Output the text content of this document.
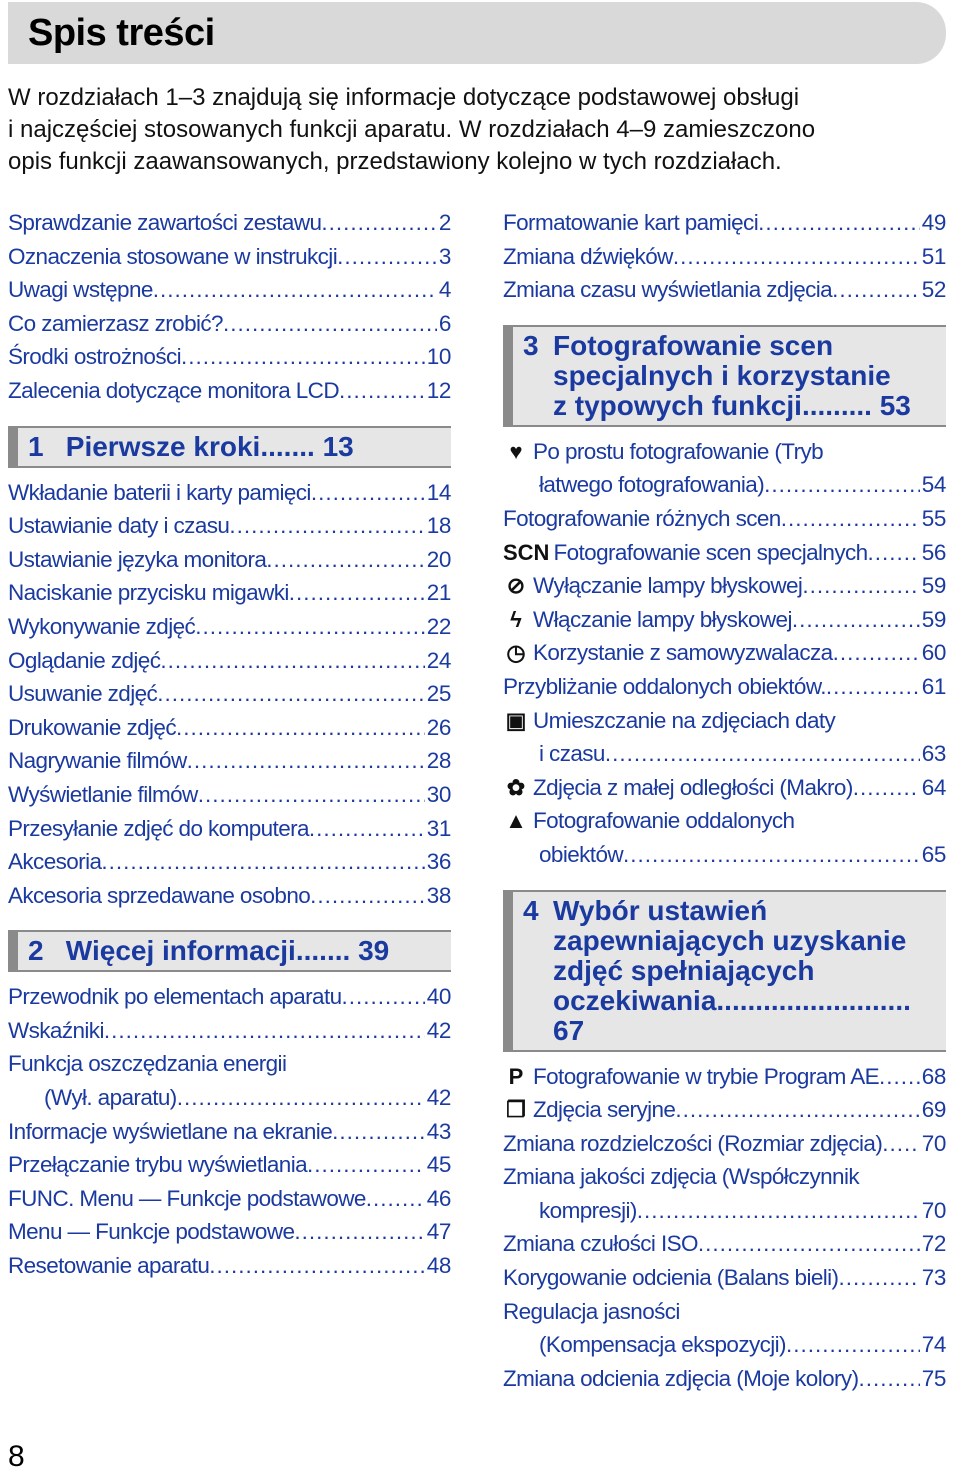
Spis treści

W rozdziałach 1–3 znajdują się informacje dotyczące podstawowej obsługi

i najczęściej stosowanych funkcji aparatu. W rozdziałach 4–9 zamieszczono

opis funkcji zaawansowanych, przedstawiony kolejno w tych rozdziałach.

Sprawdzanie zawartości zestawu .....	2
Oznaczenia stosowane w instrukcji .....	3
Uwagi wstępne .....	4
Co zamierzasz zrobić? .....	6
Środki ostrożności .....	10
Zalecenia dotyczące monitora LCD .....	12
1 Pierwsze kroki....... 13
Wkładanie baterii i karty pamięci .....	14
Ustawianie daty i czasu .....	18
Ustawianie języka monitora .....	20
Naciskanie przycisku migawki .....	21
Wykonywanie zdjęć .....	22
Oglądanie zdjęć .....	24
Usuwanie zdjęć .....	25
Drukowanie zdjęć .....	26
Nagrywanie filmów .....	28
Wyświetlanie filmów .....	30
Przesyłanie zdjęć do komputera .....	31
Akcesoria .....	36
Akcesoria sprzedawane osobno .....	38
2 Więcej informacji....... 39
Przewodnik po elementach aparatu .....	40
Wskaźniki .....	42
Funkcja oszczędzania energii
(Wył. aparatu) .....	42
Informacje wyświetlane na ekranie .....	43
Przełączanie trybu wyświetlania .....	45
FUNC. Menu — Funkcje podstawowe .....	46
Menu — Funkcje podstawowe .....	47
Resetowanie aparatu .....	48
Formatowanie kart pamięci .....	49
Zmiana dźwięków .....	51
Zmiana czasu wyświetlania zdjęcia .....	52
3 Fotografowanie scen
specjalnych i korzystanie
z typowych funkcji......... 53
♥ Po prostu fotografowanie (Tryb
łatwego fotografowania) .....	54
Fotografowanie różnych scen .....	55
SCN Fotografowanie scen specjalnych ..... 56
⊘ Wyłączanie lampy błyskowej .....	59
ϟ Włączanie lampy błyskowej .....	59
◷ Korzystanie z samowyzwalacza .....	60
Przybliżanie oddalonych obiektów. .....	61
▣ Umieszczanie na zdjęciach daty
i czasu .....	63
✿ Zdjęcia z małej odległości (Makro) .....	64
▲ Fotografowanie oddalonych
obiektów .....	65
4 Wybór ustawień
zapewniających uzyskanie
zdjęć spełniających
oczekiwania......................... 67
P Fotografowanie w trybie Program AE ..... 68
❐ Zdjęcia seryjne .....	69
Zmiana rozdzielczości (Rozmiar zdjęcia) ..... 70
Zmiana jakości zdjęcia (Współczynnik
kompresji) .....	70
Zmiana czułości ISO .....	72
Korygowanie odcienia (Balans bieli) .....	73
Regulacja jasności
(Kompensacja ekspozycji) .....	74
Zmiana odcienia zdjęcia (Moje kolory) .....	75
8
